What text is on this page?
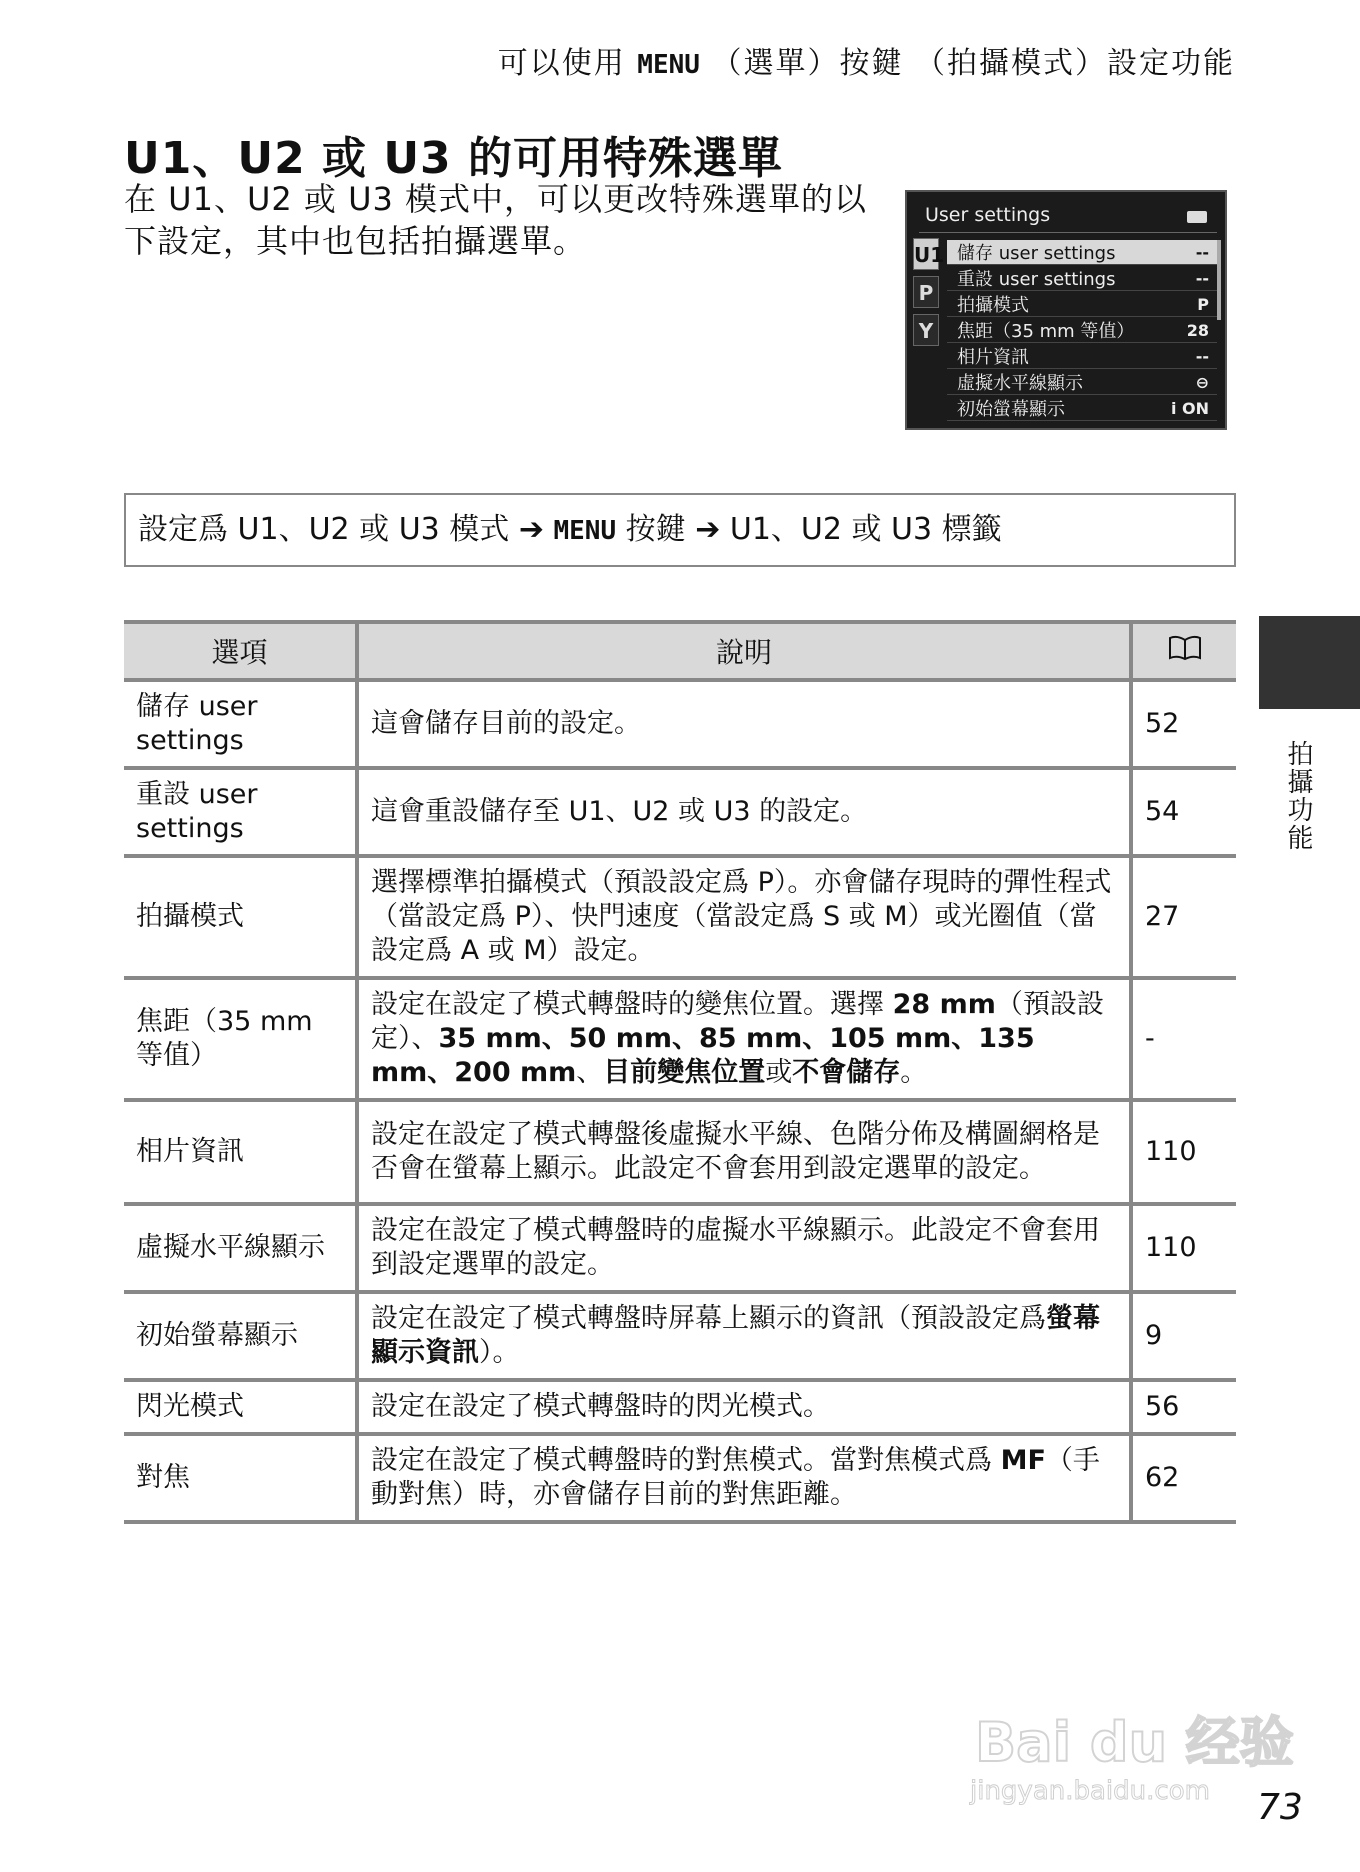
可以使用 MENU （選單）按鍵 （拍攝模式）設定功能
U1、U2 或 U3 的可用特殊選單
在 U1、U2 或 U3 模式中，可以更改特殊選單的以下設定，其中也包括拍攝選單。
User settings
U1
P
Y
儲存 user settings	--
重設 user settings	--
拍攝模式	P
焦距（35 mm 等值）	28
相片資訊	--
虛擬水平線顯示	⊖
初始螢幕顯示	i ON
設定爲 U1、U2 或 U3 模式 ➔ MENU 按鍵 ➔ U1、U2 或 U3 標籤
選項	說明	
儲存 user settings	這會儲存目前的設定。	52
重設 user settings	這會重設儲存至 U1、U2 或 U3 的設定。	54
拍攝模式	選擇標準拍攝模式（預設設定爲 P）。亦會儲存現時的彈性程式（當設定爲 P）、快門速度（當設定爲 S 或 M）或光圈值（當設定爲 A 或 M）設定。	27
焦距（35 mm 等值）	設定在設定了模式轉盤時的變焦位置。選擇 28 mm（預設設定）、35 mm、50 mm、85 mm、105 mm、135 mm、200 mm、目前變焦位置或不會儲存。	-
相片資訊	設定在設定了模式轉盤後虛擬水平線、色階分佈及構圖網格是否會在螢幕上顯示。此設定不會套用到設定選單的設定。	110
虛擬水平線顯示	設定在設定了模式轉盤時的虛擬水平線顯示。此設定不會套用到設定選單的設定。	110
初始螢幕顯示	設定在設定了模式轉盤時屏幕上顯示的資訊（預設設定爲螢幕顯示資訊）。	9
閃光模式	設定在設定了模式轉盤時的閃光模式。	56
對焦	設定在設定了模式轉盤時的對焦模式。當對焦模式爲 MF（手動對焦）時，亦會儲存目前的對焦距離。	62
拍攝功能
Bai du 经验
jingyan.baidu.com 73
